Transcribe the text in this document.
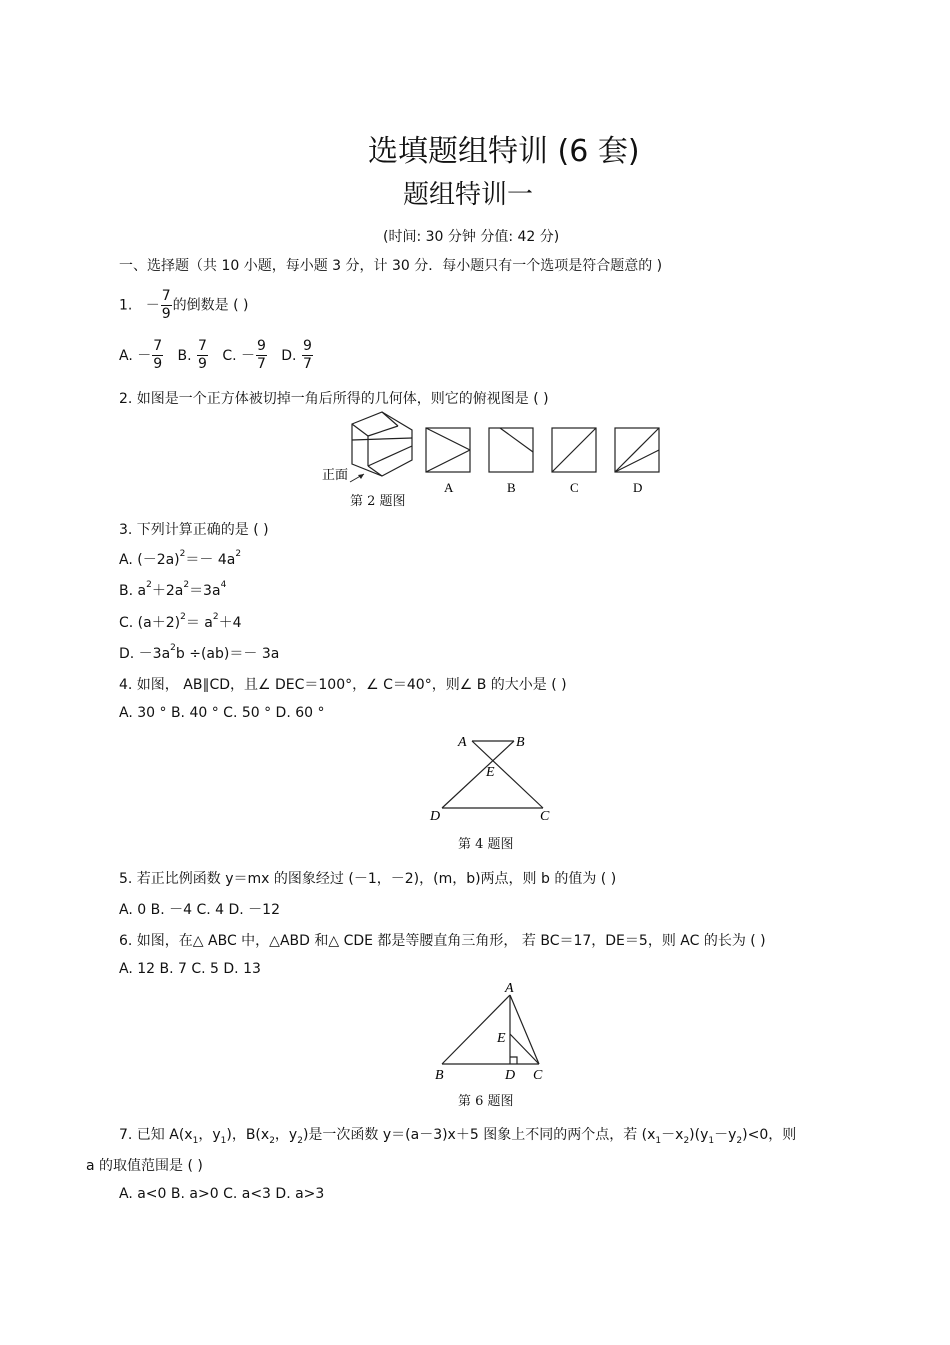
选填题组特训 (6 套)
题组特训一
(时间: 30 分钟 分值: 42 分)
一、选择题（共 10 小题，每小题 3 分，计 30 分．每小题只有一个选项是符合题意的 )
1. － $\frac{7}{9}$ 的倒数是 ( )
A. － $\frac{7}{9} B$. $\frac{7}{9} C$. － $\frac{9}{7} D$. $\frac{9}{7}$
2. 如图是一个正方体被切掉一角后所得的几何体，则它的俯视图是 ( )
正面
A	B	C	D
第 2 题图
3. 下列计算正确的是 ( )
A. $(-2a)^2=- 4a^2$
B. $a^2+2a^2=3a^4$
C. $(a+2)^2= a^2+4$
D. $-3a^2b \div(ab)=- 3a$
4. 如图， AB∥CD，且∠ DEC＝100°，∠ C＝40°，则∠ B 的大小是 ( )
A. 30 ° B. 40 ° C. 50 ° D. 60 °
A	B
E
D	C
第 4 题图
5. 若正比例函数 y＝mx 的图象经过 (－1，－2)，(m，b)两点，则 b 的值为 ( )
A. 0 B. －4 C. 4 D. －12
6. 如图，在△ ABC 中，△ABD 和△ CDE 都是等腰直角三角形， 若 BC＝17，DE＝5，则 AC 的长为 ( )
A. 12 B. 7 C. 5 D. 13
A
E
B	D C
第 6 题图
7. 已知 $A(x_1$，$y_1$)，$B(x_2$，$y_2$)是一次函数 y＝(a－3)x＋5 图象上不同的两个点，若 $(x_1-x_2)(y_1-y_2)<0$，则
a 的取值范围是 ( )
A. a<0 B. a>0 C. a<3 D. a>3
